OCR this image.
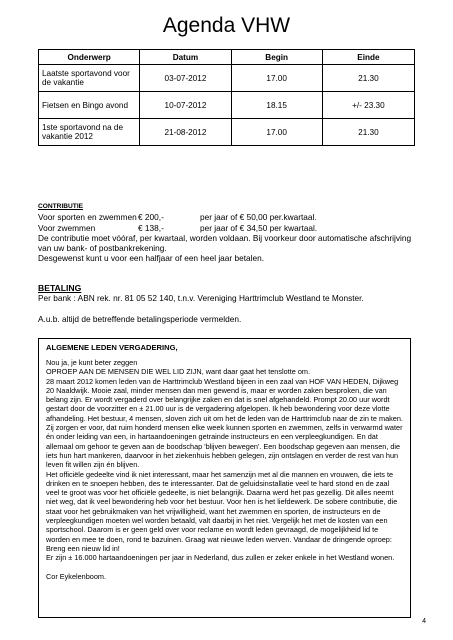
Agenda VHW
Onderwerp	Datum	Begin	Einde
Laatste sportavond voor de vakantie	03-07-2012	17.00	21.30
Fietsen en Bingo avond	10-07-2012	18.15	+/- 23.30
1ste sportavond na de vakantie 2012	21-08-2012	17.00	21.30
CONTRIBUTIE
Voor sporten en zwemmen€ 200,-	per jaar of € 50,00 per.kwartaal.
Voor zwemmen	€ 138,-	per jaar of € 34,50 per kwartaal.
De contributie moet vóóraf, per kwartaal, worden voldaan. Bij voorkeur door automatische afschrijving van uw bank- of postbankrekening.
Desgewenst kunt u voor een halfjaar of een heel jaar betalen.
BETALING
Per bank : ABN rek. nr. 81 05 52 140, t.n.v. Vereniging Harttrimclub Westland te Monster.
A.u.b. altijd de betreffende betalingsperiode vermelden.
ALGEMENE LEDEN VERGADERING,

Nou ja, je kunt beter zeggen

OPROEP AAN DE MENSEN DIE WEL LID ZIJN, want daar gaat het tenslotte om.

28 maart 2012 komen leden van de Harttrimclub Westland bijeen in een zaal van HOF VAN HEDEN, Dijkweg 20 Naaldwijk. Mooie zaal, minder mensen dan men gewend is, maar er worden zaken besproken, die van belang zijn. Er wordt vergaderd over belangrijke zaken en dat is snel afgehandeld. Prompt 20.00 uur wordt gestart door de voorzitter en ± 21.00 uur is de vergadering afgelopen. Ik heb bewondering voor deze vlotte afhandeling. Het bestuur, 4 mensen, sloven zich uit om het de leden van de Harttrimclub naar de zin te maken. Zij zorgen er voor, dat ruim honderd mensen elke week kunnen sporten en zwemmen, zelfs in verwarmd water én onder leiding van een, in hartaandoeningen getrainde instructeurs en een verpleegkundigen. En dat allemaal om gehoor te geven aan de boodschap 'blijven bewegen'. Een boodschap gegeven aan mensen, die iets hun hart mankeren, daarvoor in het ziekenhuis hebben gelegen, zijn ontslagen en verder de rest van hun leven fit willen zijn én blijven.

Het officiële gedeelte vind ik niet interessant, maar het samenzijn met al die mannen en vrouwen, die iets te drinken en te snoepen hebben, des te interessanter. Dat de geluidsinstallatie veel te hard stond en de zaal veel te groot was voor het officiële gedeelte, is niet belangrijk. Daarna werd het pas gezellig. Dit alles neemt niet weg, dat ik veel bewondering heb voor het bestuur. Voor hen is het liefdewerk. De sobere contributie, die staat voor het gebruikmaken van het vrijwilligheid, want het zwemmen en sporten, de instructeurs en de verpleegkundigen moeten wel worden betaald, valt daarbij in het niet. Vergelijk het met de kosten van een sportschool. Daarom is er geen geld over voor reclame en wordt leden gevraagd, de mogelijkheid lid te worden en mee te doen, rond te bazuinen. Graag wat nieuwe leden werven. Vandaar de dringende oproep: Breng een nieuw lid in!

Er zijn ± 16.000 hartaandoeningen per jaar in Nederland, dus zullen er zeker enkele in het Westland wonen.

Cor Eykelenboom.

4
